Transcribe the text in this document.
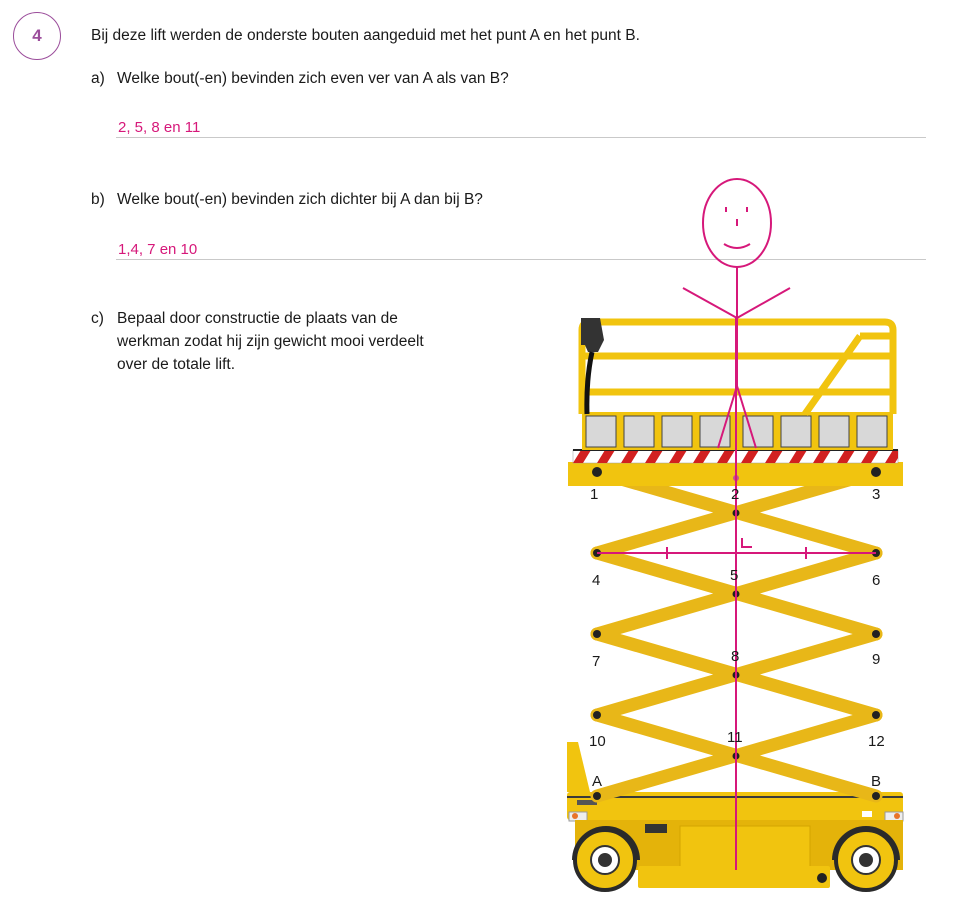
4	Bij deze lift werden de onderste bouten aangeduid met het punt A en het punt B.
a) Welke bout(-en) bevinden zich even ver van A als van B?
2, 5, 8 en 11
b) Welke bout(-en) bevinden zich dichter bij A dan bij B?
1,4, 7 en 10
c) Bepaal door constructie de plaats van de werkman zodat hij zijn gewicht mooi verdeelt over de totale lift.
1	2	3
4	5	6
7	8	9
10	11	12
A	B
